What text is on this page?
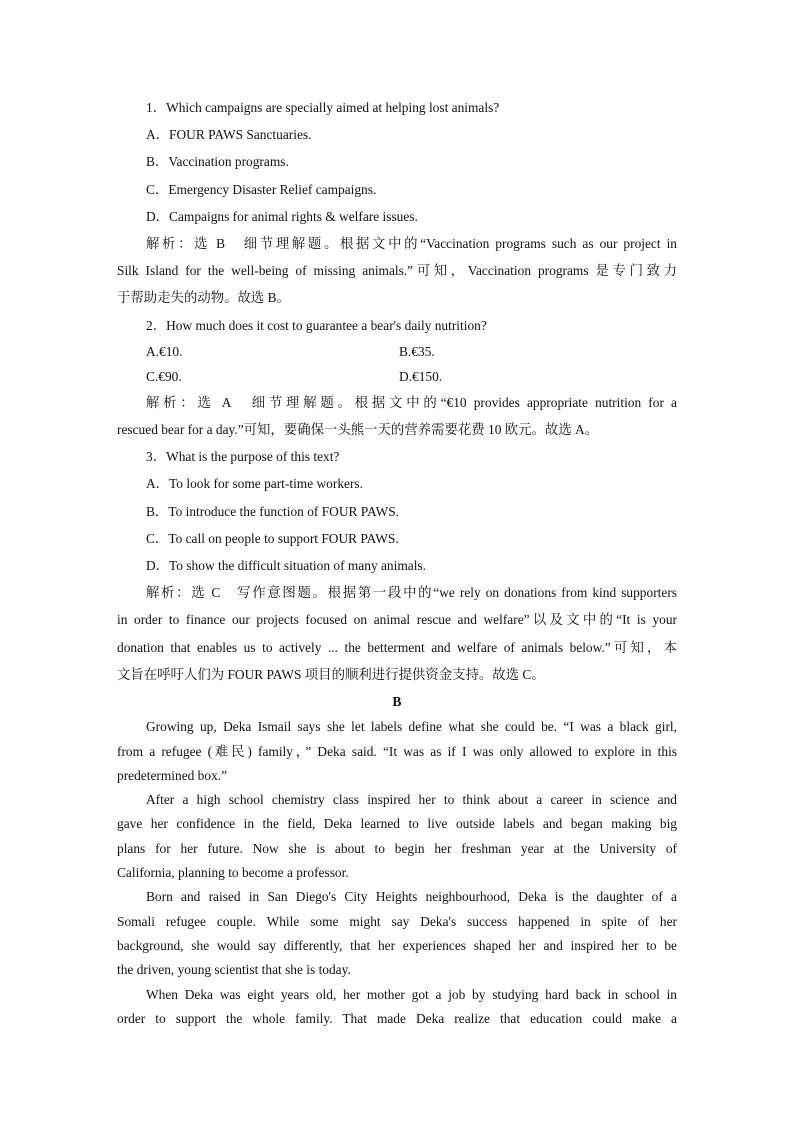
1．Which campaigns are specially aimed at helping lost animals?
A．FOUR PAWS Sanctuaries.
B．Vaccination programs.
C．Emergency Disaster Relief campaigns.
D．Campaigns for animal rights & welfare issues.
解析：选 B　细节理解题。根据文中的“Vaccination programs such as our project in
Silk Island for the well-being of missing animals.”可知，Vaccination programs 是专门致力
于帮助走失的动物。故选 B。
2．How much does it cost to guarantee a bear's daily nutrition?
A.€10.	B.€35.
C.€90.	D.€150.
解析：选 A　细节理解题。根据文中的“€10 provides appropriate nutrition for a
rescued bear for a day.”可知，要确保一头熊一天的营养需要花费 10 欧元。故选 A。
3．What is the purpose of this text?
A．To look for some part-time workers.
B．To introduce the function of FOUR PAWS.
C．To call on people to support FOUR PAWS.
D．To show the difficult situation of many animals.
解析：选 C　写作意图题。根据第一段中的“we rely on donations from kind supporters
in order to finance our projects focused on animal rescue and welfare”以及文中的“It is your
donation that enables us to actively ... the betterment and welfare of animals below.”可知，本
文旨在呼吁人们为 FOUR PAWS 项目的顺利进行提供资金支持。故选 C。
B
Growing up, Deka Ismail says she let labels define what she could be. “I was a black girl,
from a refugee (难民) family，” Deka said. “It was as if I was only allowed to explore in this
predetermined box.”
After a high school chemistry class inspired her to think about a career in science and
gave her confidence in the field, Deka learned to live outside labels and began making big
plans for her future. Now she is about to begin her freshman year at the University of
California, planning to become a professor.
Born and raised in San Diego's City Heights neighbourhood, Deka is the daughter of a
Somali refugee couple. While some might say Deka's success happened in spite of her
background, she would say differently, that her experiences shaped her and inspired her to be
the driven, young scientist that she is today.
When Deka was eight years old, her mother got a job by studying hard back in school in
order to support the whole family. That made Deka realize that education could make a
